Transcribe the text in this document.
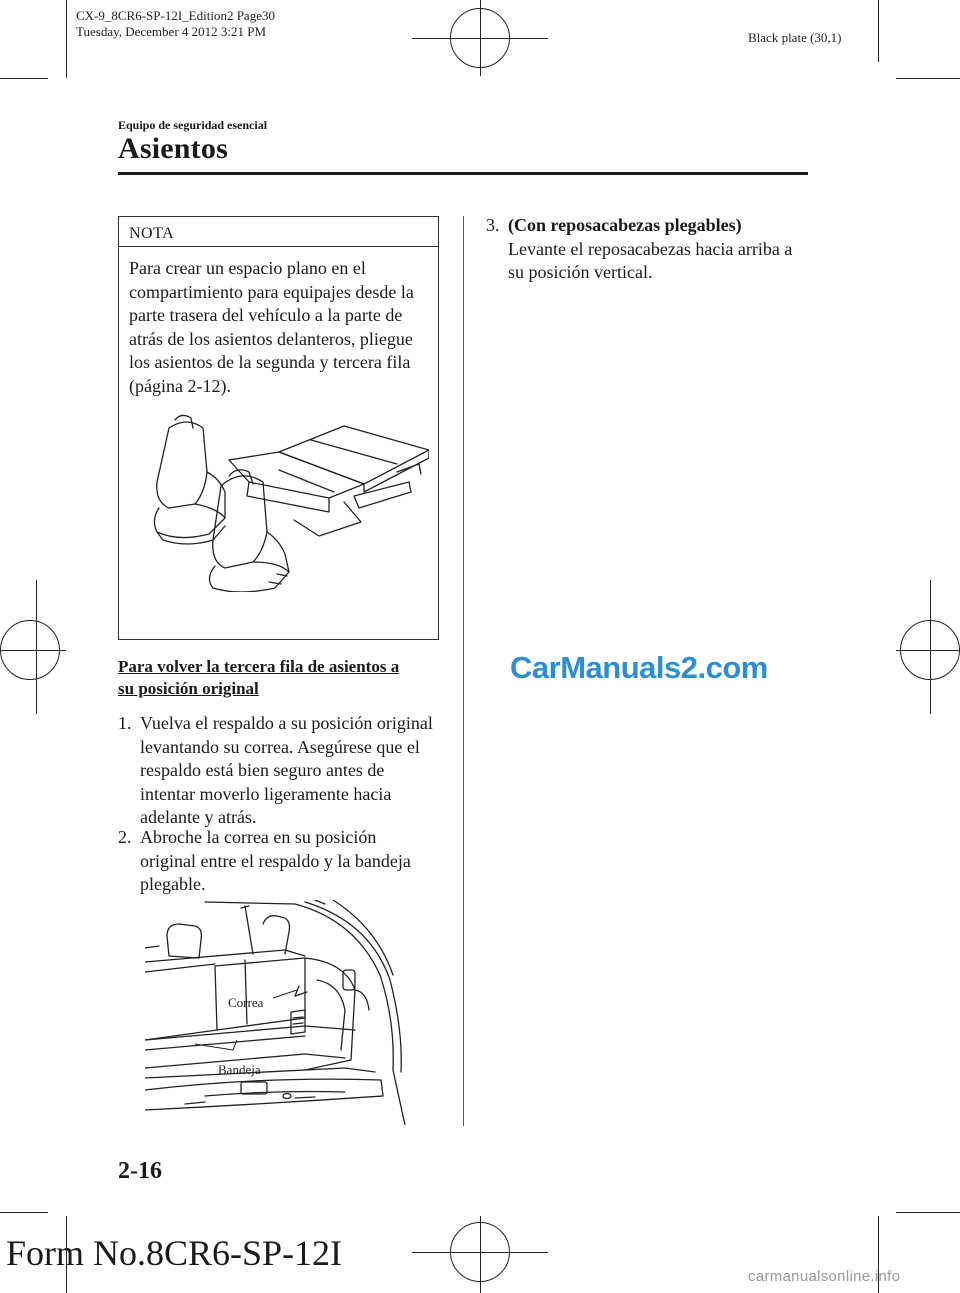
CX-9_8CR6-SP-12I_Edition2 Page30
Tuesday, December 4 2012 3:21 PM	Black plate (30,1)
Equipo de seguridad esencial
Asientos
NOTA
Para crear un espacio plano en el compartimiento para equipajes desde la parte trasera del vehículo a la parte de atrás de los asientos delanteros, pliegue los asientos de la segunda y tercera fila (página 2-12).
Para volver la tercera fila de asientos a
su posición original
1. Vuelva el respaldo a su posición original levantando su correa. Asegúrese que el respaldo está bien seguro antes de intentar moverlo ligeramente hacia adelante y atrás.
2. Abroche la correa en su posición original entre el respaldo y la bandeja plegable.
Correa
Bandeja
3. (Con reposacabezas plegables)
Levante el reposacabezas hacia arriba a su posición vertical.
CarManuals2.com
2-16
Form No.8CR6-SP-12I
carmanualsonline.info
